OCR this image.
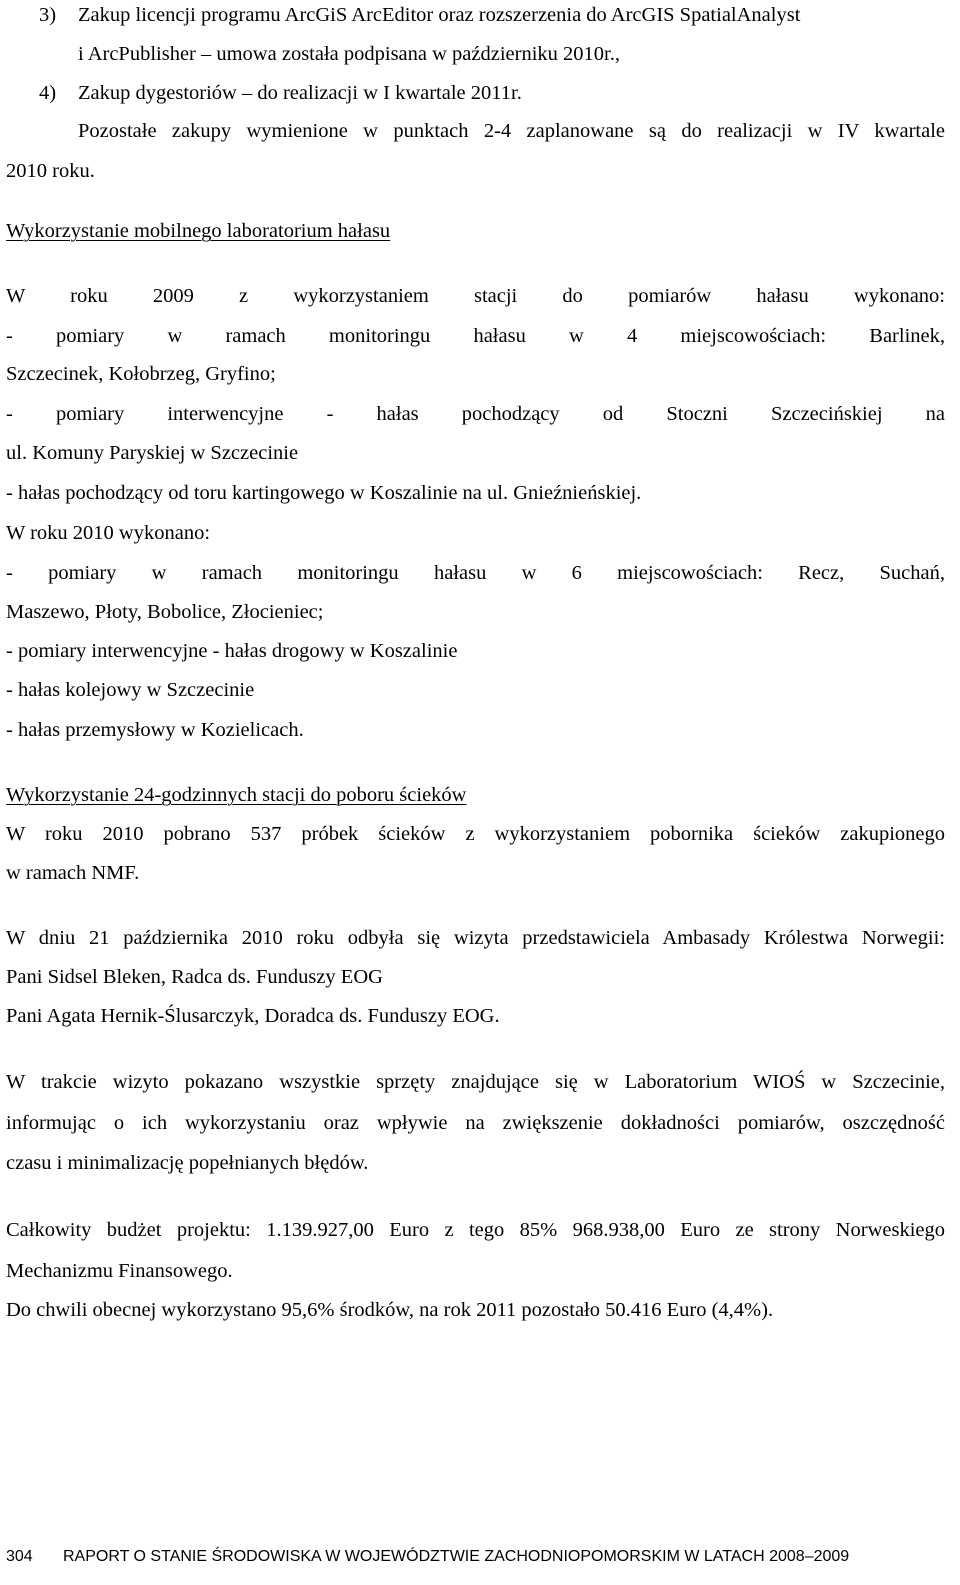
3) Zakup licencji programu ArcGiS ArcEditor oraz rozszerzenia do ArcGIS SpatialAnalyst
i ArcPublisher – umowa została podpisana w październiku 2010r.,
4) Zakup dygestoriów – do realizacji w I kwartale 2011r.
Pozostałe zakupy wymienione w punktach 2-4 zaplanowane są do realizacji w IV kwartale
2010 roku.
Wykorzystanie mobilnego laboratorium hałasu
W roku 2009 z wykorzystaniem stacji do pomiarów hałasu wykonano:
- pomiary w ramach monitoringu hałasu w 4 miejscowościach: Barlinek,
Szczecinek, Kołobrzeg, Gryfino;
- pomiary interwencyjne - hałas pochodzący od Stoczni Szczecińskiej na
ul. Komuny Paryskiej w Szczecinie
- hałas pochodzący od toru kartingowego w Koszalinie na ul. Gnieźnieńskiej.
W roku 2010 wykonano:
- pomiary w ramach monitoringu hałasu w 6 miejscowościach: Recz, Suchań,
Maszewo, Płoty, Bobolice, Złocieniec;
- pomiary interwencyjne - hałas drogowy w Koszalinie
- hałas kolejowy w Szczecinie
- hałas przemysłowy w Kozielicach.
Wykorzystanie 24-godzinnych stacji do poboru ścieków
W roku 2010 pobrano 537 próbek ścieków z wykorzystaniem pobornika ścieków zakupionego
w ramach NMF.
W dniu 21 października 2010 roku odbyła się wizyta przedstawiciela Ambasady Królestwa Norwegii:
Pani Sidsel Bleken, Radca ds. Funduszy EOG
Pani Agata Hernik-Ślusarczyk, Doradca ds. Funduszy EOG.
W trakcie wizyto pokazano wszystkie sprzęty znajdujące się w Laboratorium WIOŚ w Szczecinie,
informując o ich wykorzystaniu oraz wpływie na zwiększenie dokładności pomiarów, oszczędność
czasu i minimalizację popełnianych błędów.
Całkowity budżet projektu: 1.139.927,00 Euro z tego 85% 968.938,00 Euro ze strony Norweskiego
Mechanizmu Finansowego.
Do chwili obecnej wykorzystano 95,6% środków, na rok 2011 pozostało 50.416 Euro (4,4%).
304 RAPORT O STANIE ŚRODOWISKA W WOJEWÓDZTWIE ZACHODNIOPOMORSKIM W LATACH 2008–2009
